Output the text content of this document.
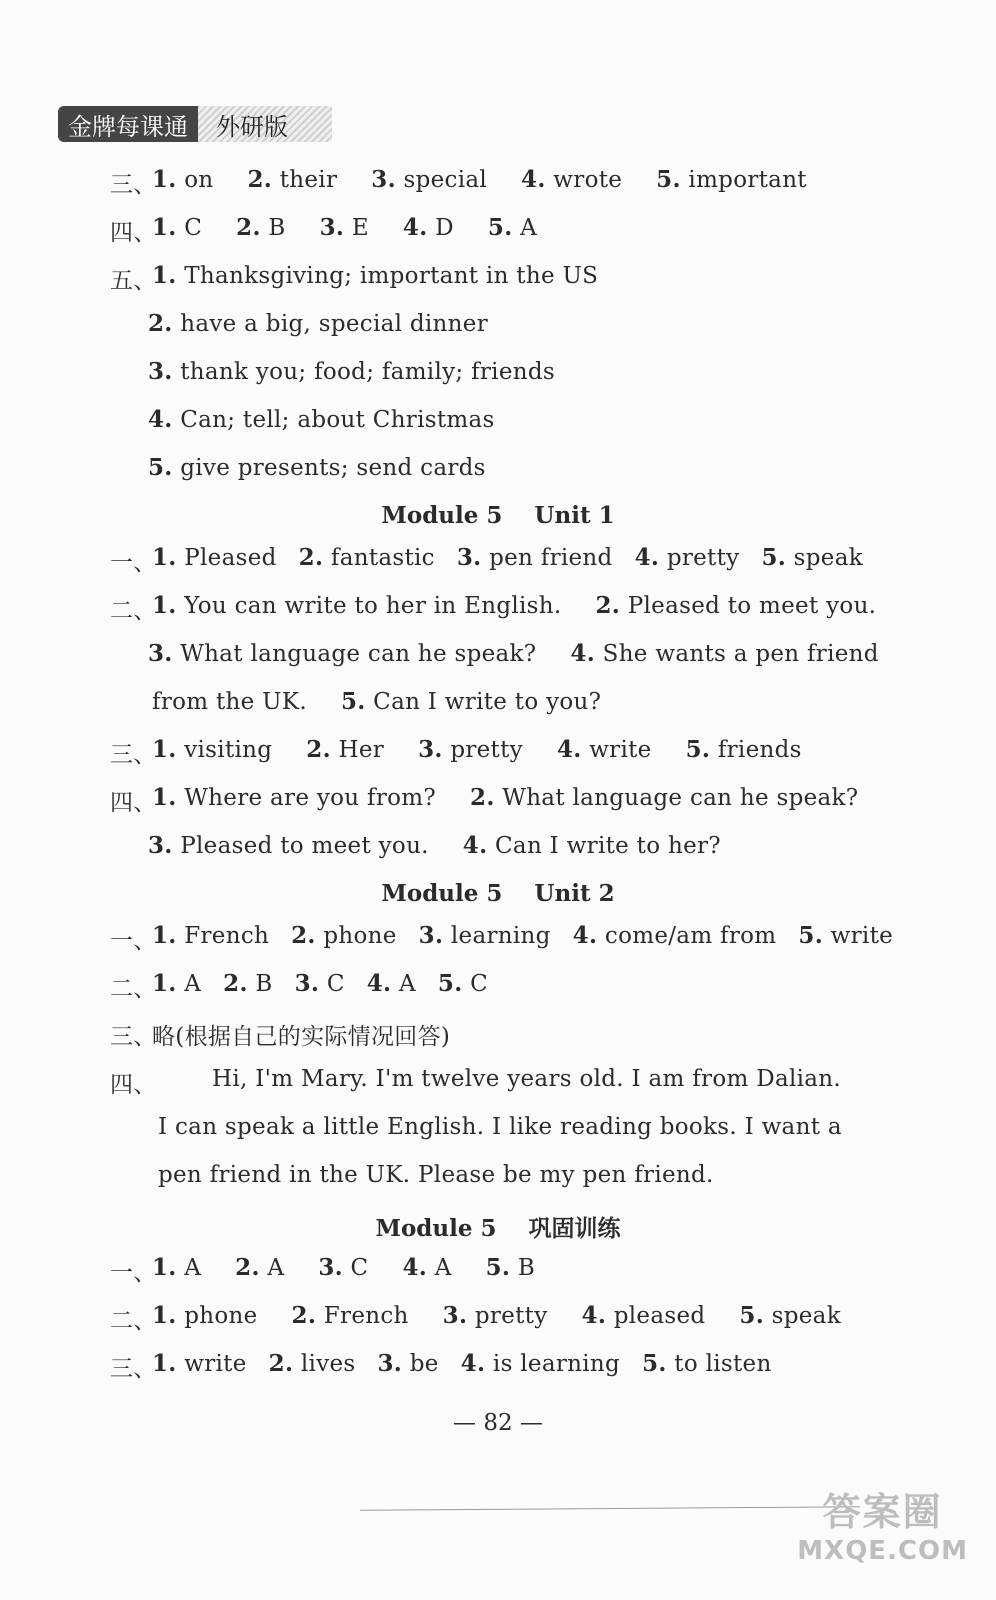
金牌每课通	外研版
三、
1. on 2. their 3. special 4. wrote 5. important
四、
1. C 2. B 3. E 4. D 5. A
五、
1. Thanksgiving; important in the US
2. have a big, special dinner
3. thank you; food; family; friends
4. Can; tell; about Christmas
5. give presents; send cards
Module 5    Unit 1
一、
1. Pleased 2. fantastic 3. pen friend 4. pretty 5. speak
二、
1. You can write to her in English. 2. Pleased to meet you.
3. What language can he speak? 4. She wants a pen friend
from the UK. 5. Can I write to you?
三、
1. visiting 2. Her 3. pretty 4. write 5. friends
四、
1. Where are you from? 2. What language can he speak?
3. Pleased to meet you. 4. Can I write to her?
Module 5    Unit 2
一、
1. French 2. phone 3. learning 4. come/am from 5. write
二、
1. A 2. B 3. C 4. A 5. C
三、
略(根据自己的实际情况回答)
四、 Hi, I'm Mary. I'm twelve years old. I am from Dalian.
I can speak a little English. I like reading books. I want a
pen friend in the UK. Please be my pen friend.
Module 5    巩固训练
一、
1. A 2. A 3. C 4. A 5. B
二、
1. phone 2. French 3. pretty 4. pleased 5. speak
三、
1. write 2. lives 3. be 4. is learning 5. to listen
— 82 —
答案圈
MXQE.COM
